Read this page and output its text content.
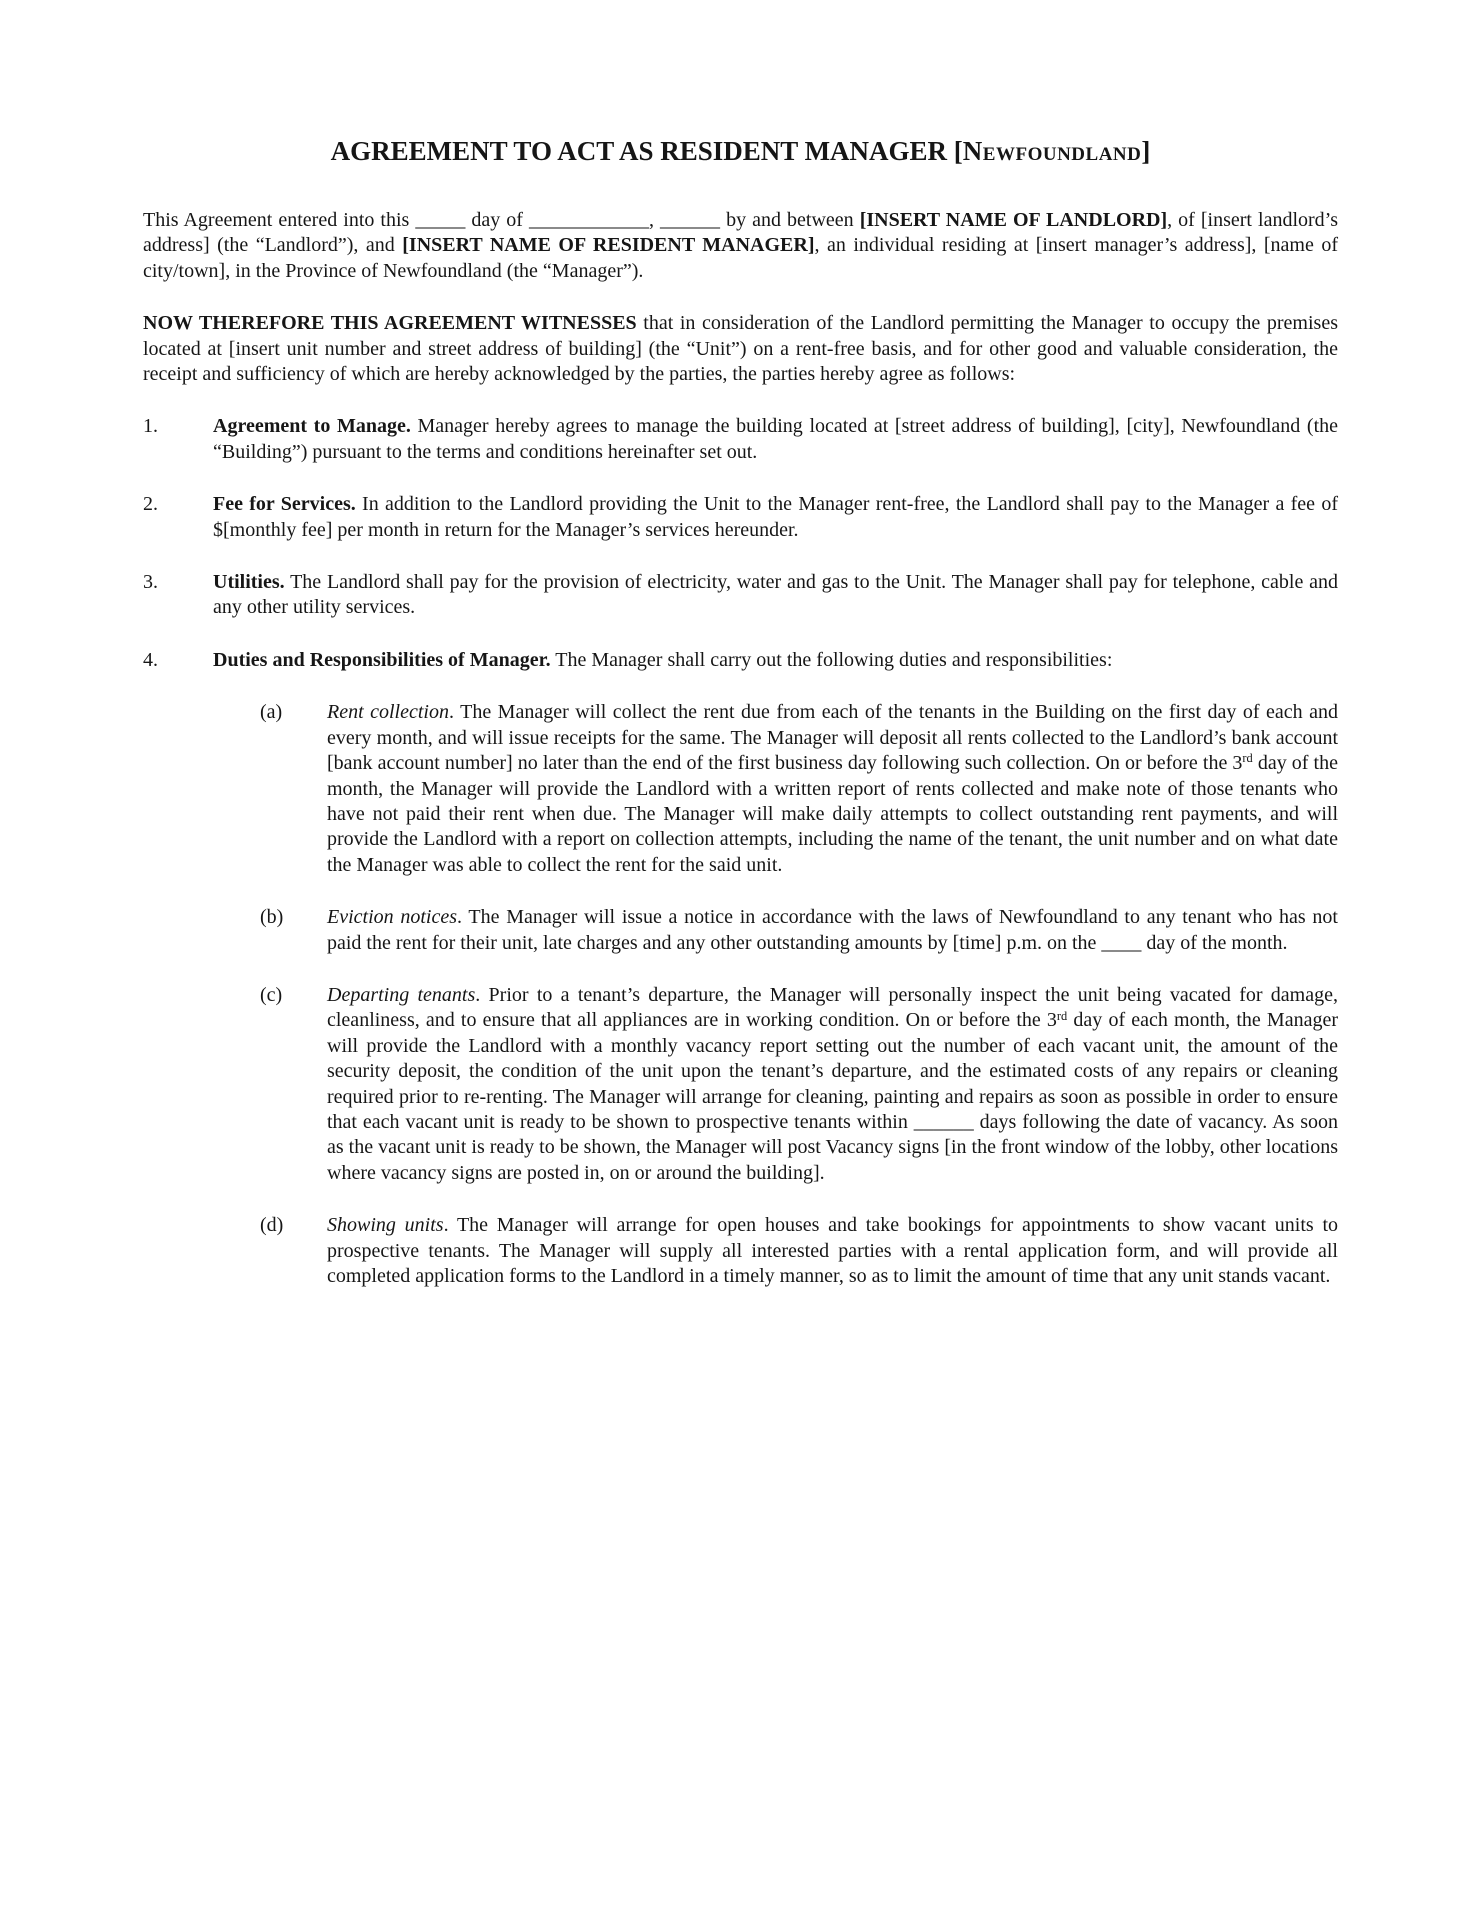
AGREEMENT TO ACT AS RESIDENT MANAGER [Newfoundland]

This Agreement entered into this _____ day of ____________, ______ by and between [INSERT NAME OF LANDLORD], of [insert landlord’s address] (the “Landlord”), and [INSERT NAME OF RESIDENT MANAGER], an individual residing at [insert manager’s address], [name of city/town], in the Province of Newfoundland (the “Manager”).

NOW THEREFORE THIS AGREEMENT WITNESSES that in consideration of the Landlord permitting the Manager to occupy the premises located at [insert unit number and street address of building] (the “Unit”) on a rent-free basis, and for other good and valuable consideration, the receipt and sufficiency of which are hereby acknowledged by the parties, the parties hereby agree as follows:

1.	Agreement to Manage. Manager hereby agrees to manage the building located at [street address of building], [city], Newfoundland (the “Building”) pursuant to the terms and conditions hereinafter set out.
2.	Fee for Services. In addition to the Landlord providing the Unit to the Manager rent-free, the Landlord shall pay to the Manager a fee of $[monthly fee] per month in return for the Manager’s services hereunder.
3.	Utilities. The Landlord shall pay for the provision of electricity, water and gas to the Unit. The Manager shall pay for telephone, cable and any other utility services.
4.	Duties and Responsibilities of Manager. The Manager shall carry out the following duties and responsibilities:
(a)	Rent collection. The Manager will collect the rent due from each of the tenants in the Building on the first day of each and every month, and will issue receipts for the same. The Manager will deposit all rents collected to the Landlord’s bank account [bank account number] no later than the end of the first business day following such collection. On or before the 3rd day of the month, the Manager will provide the Landlord with a written report of rents collected and make note of those tenants who have not paid their rent when due. The Manager will make daily attempts to collect outstanding rent payments, and will provide the Landlord with a report on collection attempts, including the name of the tenant, the unit number and on what date the Manager was able to collect the rent for the said unit.
(b)	Eviction notices. The Manager will issue a notice in accordance with the laws of Newfoundland to any tenant who has not paid the rent for their unit, late charges and any other outstanding amounts by [time] p.m. on the ____ day of the month.
(c)	Departing tenants. Prior to a tenant’s departure, the Manager will personally inspect the unit being vacated for damage, cleanliness, and to ensure that all appliances are in working condition. On or before the 3rd day of each month, the Manager will provide the Landlord with a monthly vacancy report setting out the number of each vacant unit, the amount of the security deposit, the condition of the unit upon the tenant’s departure, and the estimated costs of any repairs or cleaning required prior to re-renting. The Manager will arrange for cleaning, painting and repairs as soon as possible in order to ensure that each vacant unit is ready to be shown to prospective tenants within ______ days following the date of vacancy. As soon as the vacant unit is ready to be shown, the Manager will post Vacancy signs [in the front window of the lobby, other locations where vacancy signs are posted in, on or around the building].
(d)	Showing units. The Manager will arrange for open houses and take bookings for appointments to show vacant units to prospective tenants. The Manager will supply all interested parties with a rental application form, and will provide all completed application forms to the Landlord in a timely manner, so as to limit the amount of time that any unit stands vacant.
